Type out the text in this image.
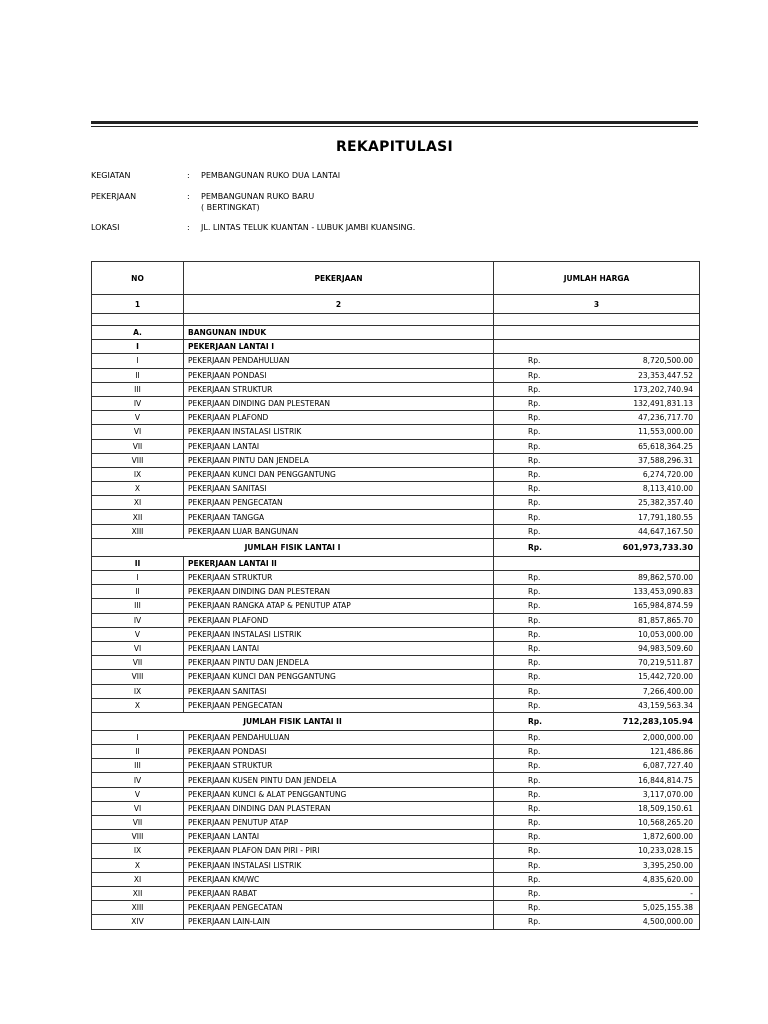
REKAPITULASI
KEGIATAN	: PEMBANGUNAN RUKO DUA LANTAI
PEKERJAAN	: PEMBANGUNAN RUKO BARU
( BERTINGKAT)
LOKASI	: JL. LINTAS TELUK KUANTAN - LUBUK JAMBI KUANSING.
NO	PEKERJAAN	JUMLAH HARGA	
1	2	3	

A.	BANGUNAN INDUK		
I	PEKERJAAN LANTAI I		
I	PEKERJAAN PENDAHULUAN	Rp.	8,720,500.00
II	PEKERJAAN PONDASI	Rp.	23,353,447.52
III	PEKERJAAN STRUKTUR	Rp.	173,202,740.94
IV	PEKERJAAN DINDING DAN PLESTERAN	Rp.	132,491,831.13
V	PEKERJAAN PLAFOND	Rp.	47,236,717.70
VI	PEKERJAAN INSTALASI LISTRIK	Rp.	11,553,000.00
VII	PEKERJAAN LANTAI	Rp.	65,618,364.25
VIII	PEKERJAAN PINTU DAN JENDELA	Rp.	37,588,296.31
IX	PEKERJAAN KUNCI DAN PENGGANTUNG	Rp.	6,274,720.00
X	PEKERJAAN SANITASI	Rp.	8,113,410.00
XI	PEKERJAAN PENGECATAN	Rp.	25,382,357.40
XII	PEKERJAAN TANGGA	Rp.	17,791,180.55
XIII	PEKERJAAN LUAR BANGUNAN	Rp.	44,647,167.50
JUMLAH FISIK LANTAI I		Rp.	601,973,733.30
II	PEKERJAAN LANTAI II		
I	PEKERJAAN STRUKTUR	Rp.	89,862,570.00
II	PEKERJAAN DINDING DAN PLESTERAN	Rp.	133,453,090.83
III	PEKERJAAN RANGKA ATAP & PENUTUP ATAP	Rp.	165,984,874.59
IV	PEKERJAAN PLAFOND	Rp.	81,857,865.70
V	PEKERJAAN INSTALASI LISTRIK	Rp.	10,053,000.00
VI	PEKERJAAN LANTAI	Rp.	94,983,509.60
VII	PEKERJAAN PINTU DAN JENDELA	Rp.	70,219,511.87
VIII	PEKERJAAN KUNCI DAN PENGGANTUNG	Rp.	15,442,720.00
IX	PEKERJAAN SANITASI	Rp.	7,266,400.00
X	PEKERJAAN PENGECATAN	Rp.	43,159,563.34
JUMLAH FISIK LANTAI II		Rp.	712,283,105.94
I	PEKERJAAN PENDAHULUAN	Rp.	2,000,000.00
II	PEKERJAAN PONDASI	Rp.	121,486.86
III	PEKERJAAN STRUKTUR	Rp.	6,087,727.40
IV	PEKERJAAN KUSEN PINTU DAN JENDELA	Rp.	16,844,814.75
V	PEKERJAAN KUNCI & ALAT PENGGANTUNG	Rp.	3,117,070.00
VI	PEKERJAAN DINDING DAN PLASTERAN	Rp.	18,509,150.61
VII	PEKERJAAN PENUTUP ATAP	Rp.	10,568,265.20
VIII	PEKERJAAN LANTAI	Rp.	1,872,600.00
IX	PEKERJAAN PLAFON DAN PIRI - PIRI	Rp.	10,233,028.15
X	PEKERJAAN INSTALASI LISTRIK	Rp.	3,395,250.00
XI	PEKERJAAN KM/WC	Rp.	4,835,620.00
XII	PEKERJAAN RABAT	Rp.	-
XIII	PEKERJAAN PENGECATAN	Rp.	5,025,155.38
XIV	PEKERJAAN LAIN-LAIN	Rp.	4,500,000.00
